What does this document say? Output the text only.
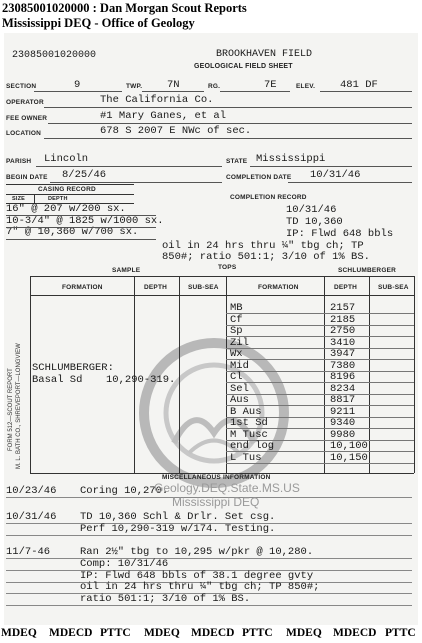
23085001020000 : Dan Morgan Scout Reports
Mississippi DEQ - Office of Geology
23085001020000	BROOKHAVEN FIELD
GEOLOGICAL FIELD SHEET
SECTION	9	TWP. 7N	RG.	7E	ELEV. 481 DF
OPERATOR	The California Co.
FEE OWNER	#1 Mary Ganes, et al
LOCATION	678 S 2007 E NWc of sec.
PARISH Lincoln	STATE Mississippi
BEGIN DATE 8/25/46	COMPLETION DATE 10/31/46
CASING RECORD
SIZE	DEPTH	COMPLETION RECORD
16" @ 207 w/200 sx.
10-3/4" @ 1825 w/1000 sx.
7" @ 10,360 w/700 sx.
10/31/46
TD 10,360
IP: Flwd 648 bbls
oil in 24 hrs thru ¼" tbg ch; TP
850#; ratio 501:1; 3/10 of 1% BS.
SAMPLE	TOPS	SCHLUMBERGER
FORMATION	DEPTH	SUB-SEA	FORMATION	DEPTH	SUB-SEA
SCHLUMBERGER:
Basal Sd 10,290-319.
MB	2157
Cf	2185
Sp	2750
Zil	3410
Wx	3947
Mid	7380
Cl	8196
Sel	8234
Aus	8817
B Aus	9211
1st Sd	9340
M Tusc	9980
end log	10,100
L Tus	10,150
MISCELLANEOUS INFORMATION
10/23/46 Coring 10,270.
10/31/46 TD 10,360 Schl & Drlr. Set csg.
Perf 10,290-319 w/174. Testing.
11/7-46	Ran 2½" tbg to 10,295 w/pkr @ 10,280.
Comp: 10/31/46
IP: Flwd 648 bbls of 38.1 degree gvty
oil in 24 hrs thru ¼" tbg ch; TP 850#;
ratio 501:1; 3/10 of 1% BS.
FORM 512—SCOUT REPORT M. L. BATH CO., SHREVEPORT—LONGVIEW
Geology.DEQ.State.MS.US
Mississippi DEQ
MDEQ MDECD PTTC MDEQ MDECD PTTC MDEQ MDECD PTTC
